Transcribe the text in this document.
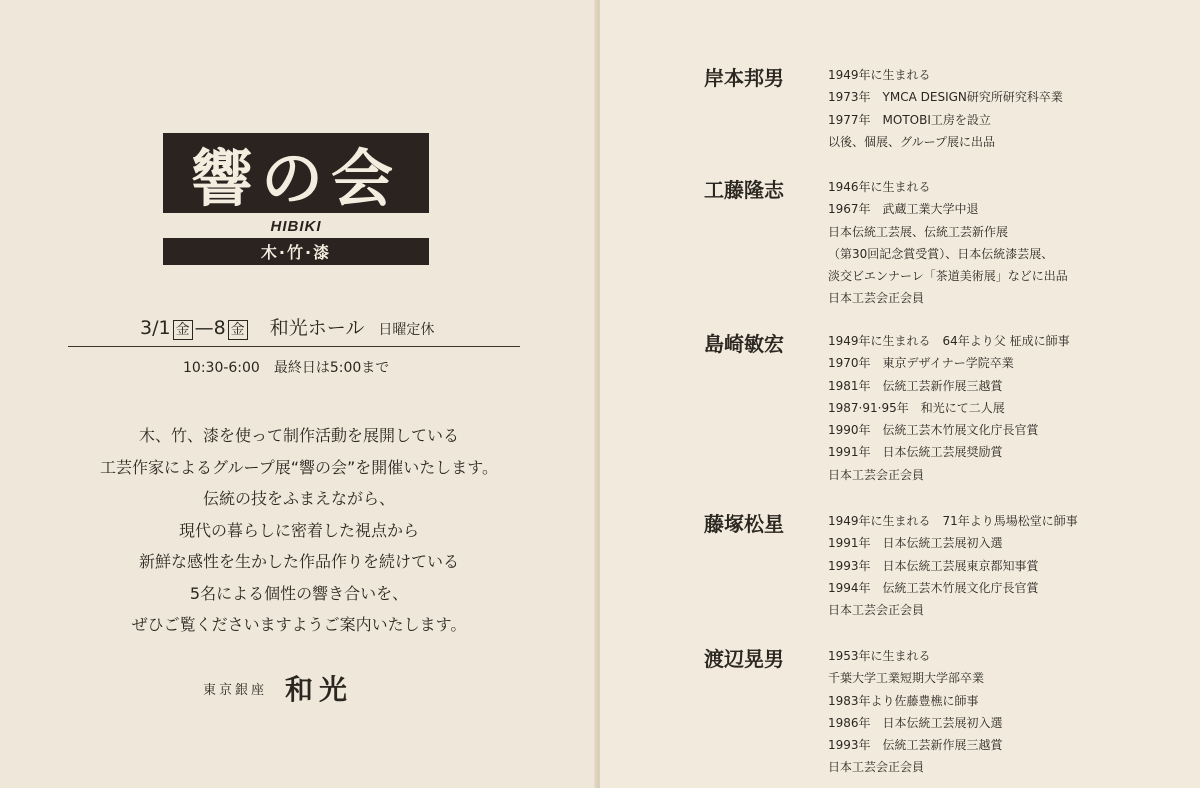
響の会
HIBIKI
木·竹·漆
3/1 金 —8 金 和光ホール 日曜定休
10:30-6:00　最終日は5:00まで
木、竹、漆を使って制作活動を展開している
工芸作家によるグループ展“響の会”を開催いたします。
伝統の技をふまえながら、
現代の暮らしに密着した視点から
新鮮な感性を生かした作品作りを続けている
5名による個性の響き合いを、
ぜひご覧くださいますようご案内いたします。
東京銀座 和光
岸本邦男	1949年に生まれる
1973年　YMCA DESIGN研究所研究科卒業
1977年　MOTOBI工房を設立
以後、個展、グループ展に出品
工藤隆志	1946年に生まれる
1967年　武蔵工業大学中退
日本伝統工芸展、伝統工芸新作展
（第30回記念賞受賞）、日本伝統漆芸展、
淡交ビエンナーレ「茶道美術展」などに出品
日本工芸会正会員
島崎敏宏	1949年に生まれる　64年より父 柾成に師事
1970年　東京デザイナー学院卒業
1981年　伝統工芸新作展三越賞
1987·91·95年　和光にて二人展
1990年　伝統工芸木竹展文化庁長官賞
1991年　日本伝統工芸展奨励賞
日本工芸会正会員
藤塚松星	1949年に生まれる　71年より馬場松堂に師事
1991年　日本伝統工芸展初入選
1993年　日本伝統工芸展東京都知事賞
1994年　伝統工芸木竹展文化庁長官賞
日本工芸会正会員
渡辺晃男	1953年に生まれる
千葉大学工業短期大学部卒業
1983年より佐藤豊樵に師事
1986年　日本伝統工芸展初入選
1993年　伝統工芸新作展三越賞
日本工芸会正会員
